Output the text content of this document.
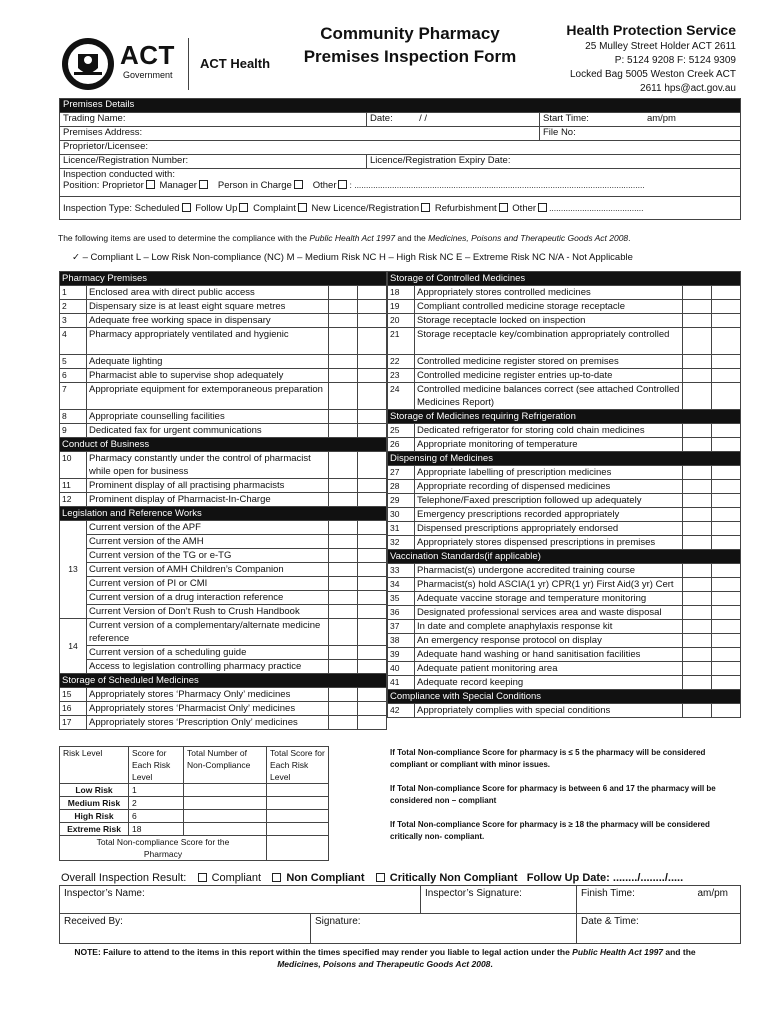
ACT
Government
ACT Health
Community Pharmacy
Premises Inspection Form
Health Protection Service
25 Mulley Street Holder ACT 2611
P: 5124 9208 F: 5124 9309
Locked Bag 5005 Weston Creek ACT
2611 hps@act.gov.au
Premises Details		
Trading Name:	Date: / /	Start Time: am/pm
Premises Address:		File No:
Proprietor/Licensee:		
Licence/Registration Number:	Licence/Registration Expiry Date:	

Inspection conducted with:
Position: Proprietor Manager Person in Charge Other : ...........................................................................................................................		

Inspection Type: Scheduled Follow Up Complaint New Licence/Registration Refurbishment Other ........................................		
The following items are used to determine the compliance with the Public Health Act 1997 and the Medicines, Poisons and Therapeutic Goods Act 2008.
✓ – Compliant L – Low Risk Non-compliance (NC) M – Medium Risk NC H – High Risk NC E – Extreme Risk NC N/A - Not Applicable
Pharmacy Premises			
1	Enclosed area with direct public access		
2	Dispensary size is at least eight square metres		
3	Adequate free working space in dispensary		
4	Pharmacy appropriately ventilated and hygienic		
5	Adequate lighting		
6	Pharmacist able to supervise shop adequately		
7	Appropriate equipment for extemporaneous preparation		
8	Appropriate counselling facilities		
9	Dedicated fax for urgent communications		
Conduct of Business			
10	Pharmacy constantly under the control of pharmacist while open for business		
11	Prominent display of all practising pharmacists		
12	Prominent display of Pharmacist-In-Charge		
Legislation and Reference Works			
13	Current version of the APF		
	Current version of the AMH		
	Current version of the TG or e-TG		
	Current version of AMH Children’s Companion		
	Current version of PI or CMI		
	Current version of a drug interaction reference		
	Current Version of Don’t Rush to Crush Handbook		
14	Current version of a complementary/alternate medicine reference		
	Current version of a scheduling guide		
	Access to legislation controlling pharmacy practice		
Storage of Scheduled Medicines			
15	Appropriately stores ‘Pharmacy Only’ medicines		
16	Appropriately stores ‘Pharmacist Only’ medicines		
17	Appropriately stores ‘Prescription Only’ medicines		
Storage of Controlled Medicines			
18	Appropriately stores controlled medicines		
19	Compliant controlled medicine storage receptacle		
20	Storage receptacle locked on inspection		
21	Storage receptacle key/combination appropriately controlled		
22	Controlled medicine register stored on premises		
23	Controlled medicine register entries up-to-date		
24	Controlled medicine balances correct (see attached Controlled Medicines Report)		
Storage of Medicines requiring Refrigeration			
25	Dedicated refrigerator for storing cold chain medicines		
26	Appropriate monitoring of temperature		
Dispensing of Medicines			
27	Appropriate labelling of prescription medicines		
28	Appropriate recording of dispensed medicines		
29	Telephone/Faxed prescription followed up adequately		
30	Emergency prescriptions recorded appropriately		
31	Dispensed prescriptions appropriately endorsed		
32	Appropriately stores dispensed prescriptions in premises		
Vaccination Standards(if applicable)			
33	Pharmacist(s) undergone accredited training course		
34	Pharmacist(s) hold ASCIA(1 yr) CPR(1 yr) First Aid(3 yr) Cert		
35	Adequate vaccine storage and temperature monitoring		
36	Designated professional services area and waste disposal		
37	In date and complete anaphylaxis response kit		
38	An emergency response protocol on display		
39	Adequate hand washing or hand sanitisation facilities		
40	Adequate patient monitoring area		
41	Adequate record keeping		
Compliance with Special Conditions			
42	Appropriately complies with special conditions		
Risk Level	Score for Each Risk Level	Total Number of Non-Compliance	Total Score for Each Risk Level
Low Risk	1		
Medium Risk	2		
High Risk	6		
Extreme Risk	18		
Total Non-compliance Score for the Pharmacy			
If Total Non-compliance Score for pharmacy is ≤ 5 the pharmacy will be considered compliant or compliant with minor issues.
If Total Non-compliance Score for pharmacy is between 6 and 17 the pharmacy will be considered non – compliant
If Total Non-compliance Score for pharmacy is ≥ 18 the pharmacy will be considered critically non- compliant.
Overall Inspection Result: Compliant Non Compliant Critically Non Compliant Follow Up Date: ......../......../.....
Inspector’s Name:		Inspector’s Signature:	Finish Time: am/pm

Received By:	Signature:		Date & Time:
NOTE: Failure to attend to the items in this report within the times specified may render you liable to legal action under the Public Health Act 1997 and the Medicines, Poisons and Therapeutic Goods Act 2008.
